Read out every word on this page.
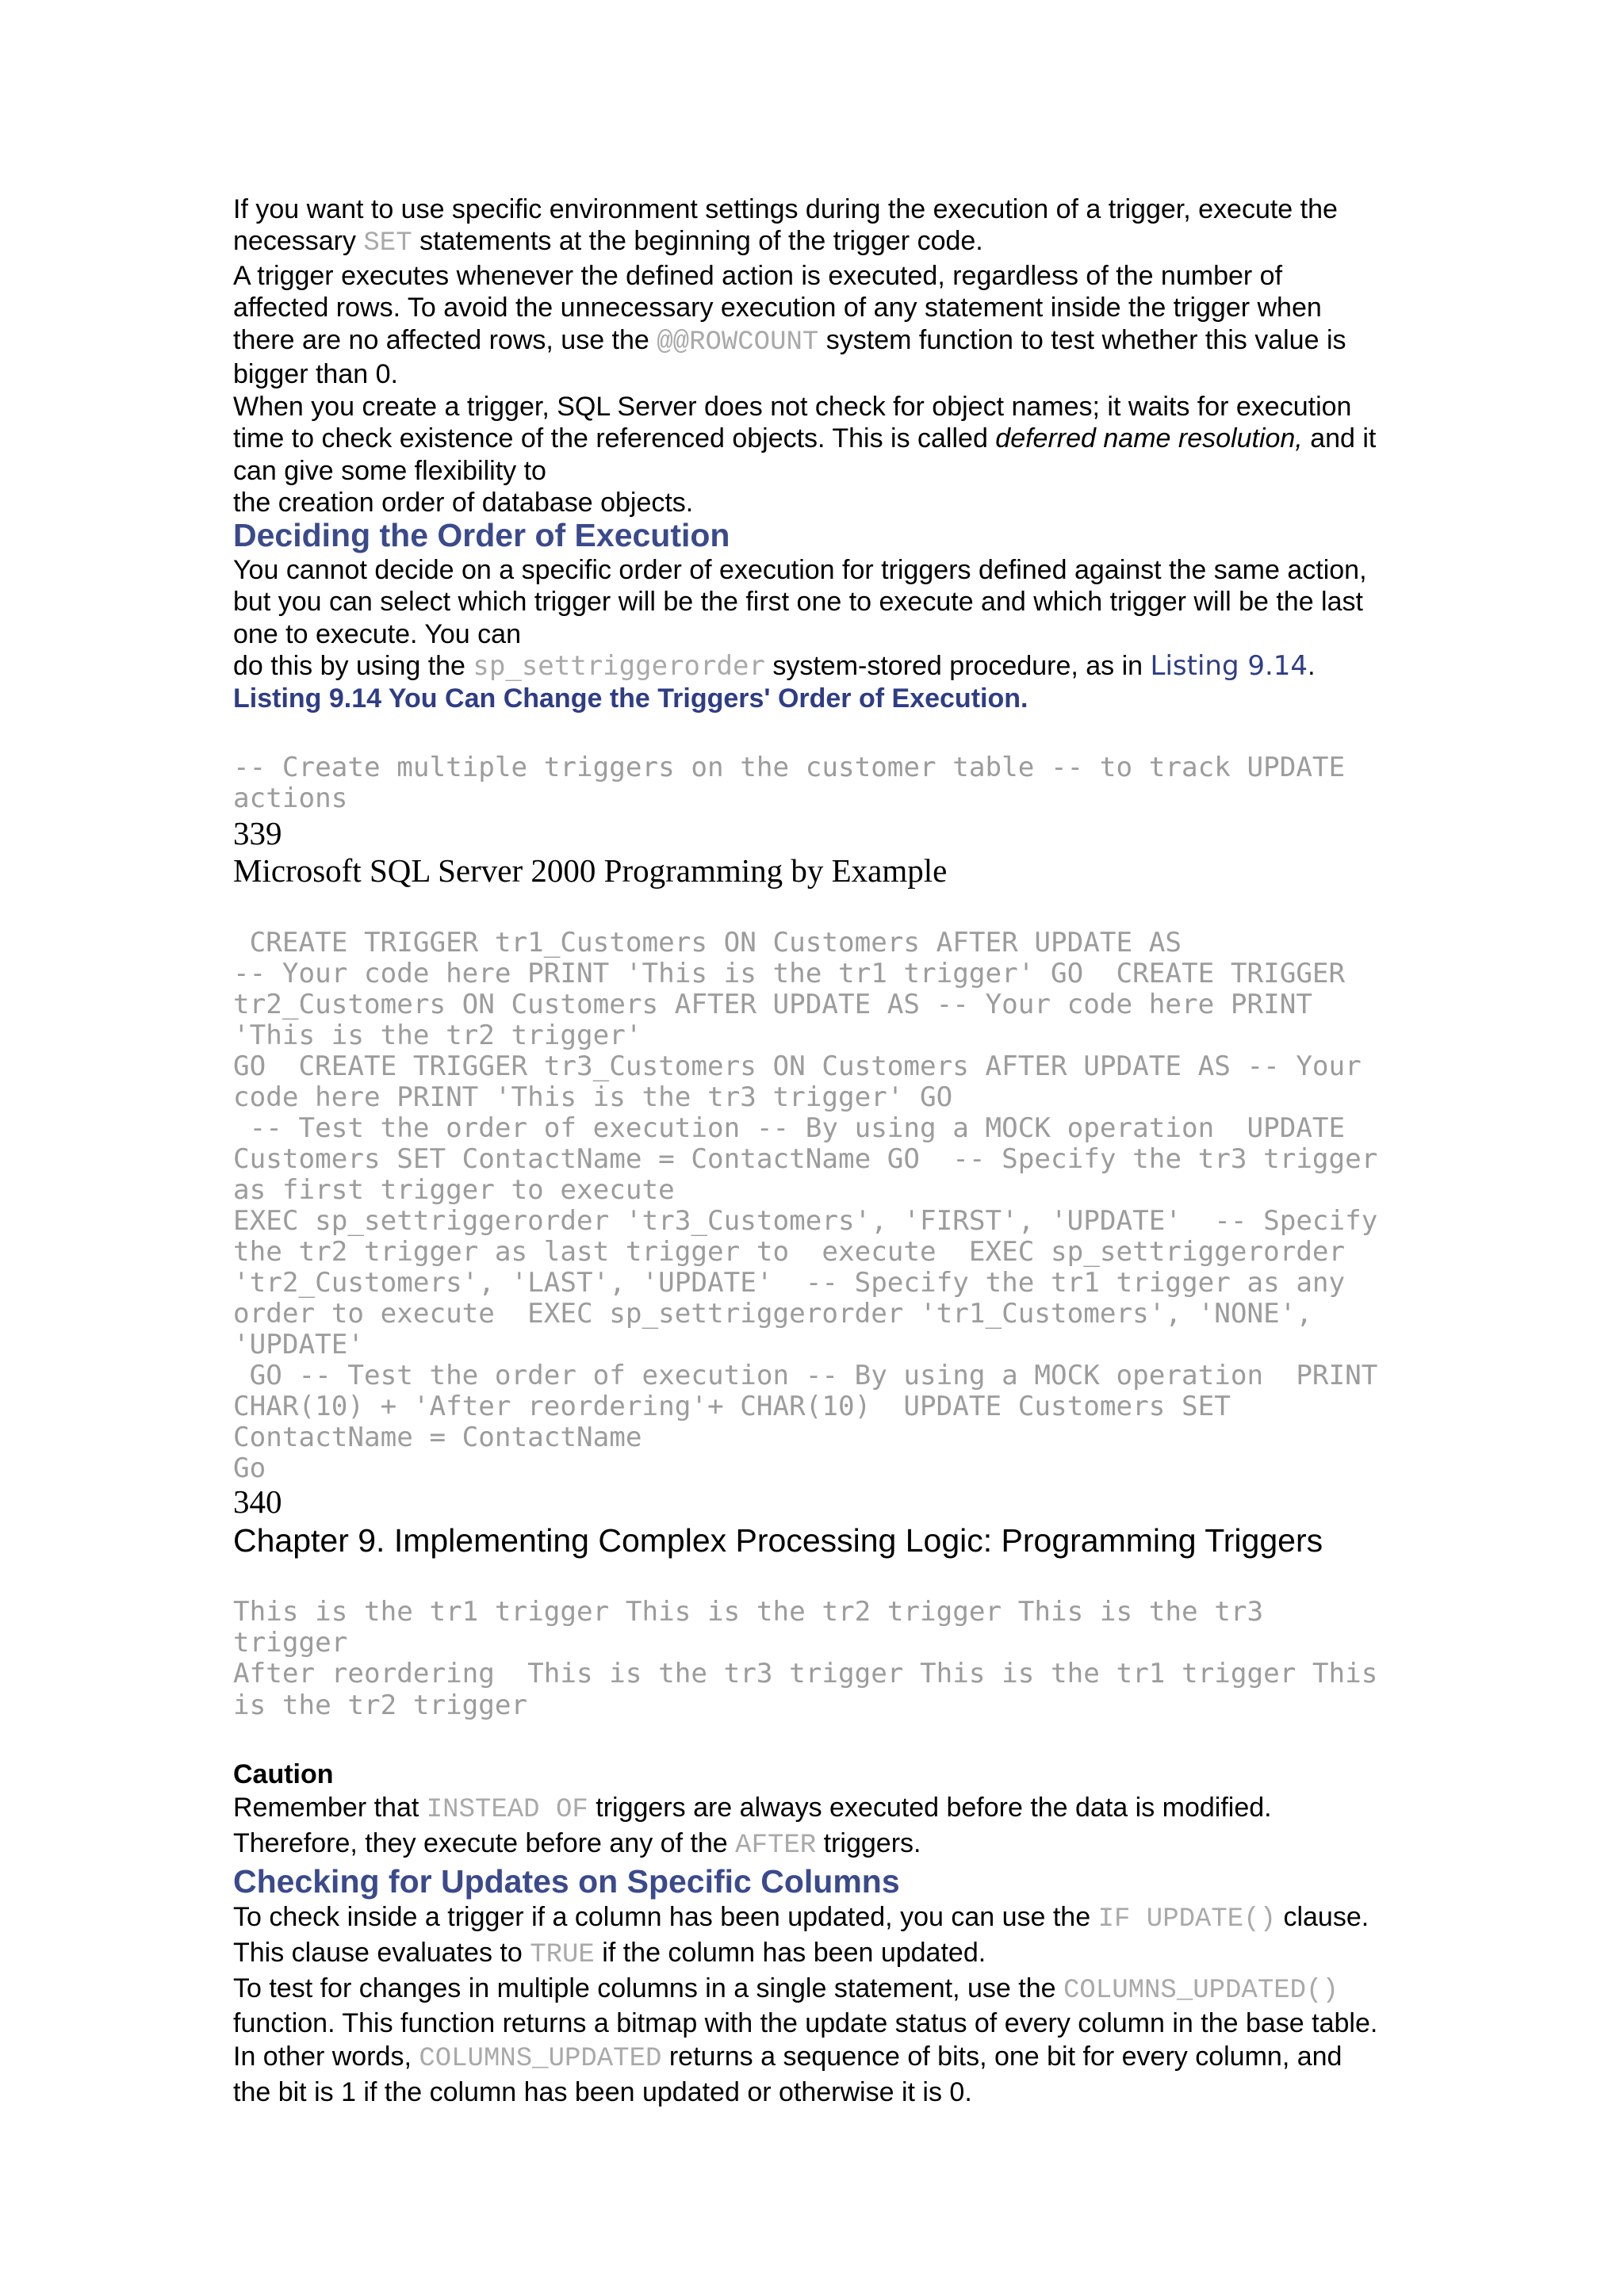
If you want to use specific environment settings during the execution of a trigger, execute the
necessary SET statements at the beginning of the trigger code.
A trigger executes whenever the defined action is executed, regardless of the number of
affected rows. To avoid the unnecessary execution of any statement inside the trigger when
there are no affected rows, use the @@ROWCOUNT system function to test whether this value is
bigger than 0.
When you create a trigger, SQL Server does not check for object names; it waits for execution
time to check existence of the referenced objects. This is called deferred name resolution, and it
can give some flexibility to
the creation order of database objects.
Deciding the Order of Execution
You cannot decide on a specific order of execution for triggers defined against the same action,
but you can select which trigger will be the first one to execute and which trigger will be the last
one to execute. You can
do this by using the sp_settriggerorder system-stored procedure, as in Listing 9.14.
Listing 9.14 You Can Change the Triggers' Order of Execution.
-- Create multiple triggers on the customer table -- to track UPDATE
actions
339
Microsoft SQL Server 2000 Programming by Example
CREATE TRIGGER tr1_Customers ON Customers AFTER UPDATE AS
-- Your code here PRINT 'This is the tr1 trigger' GO  CREATE TRIGGER
tr2_Customers ON Customers AFTER UPDATE AS -- Your code here PRINT
'This is the tr2 trigger'
GO  CREATE TRIGGER tr3_Customers ON Customers AFTER UPDATE AS -- Your
code here PRINT 'This is the tr3 trigger' GO
-- Test the order of execution -- By using a MOCK operation  UPDATE
Customers SET ContactName = ContactName GO  -- Specify the tr3 trigger
as first trigger to execute
EXEC sp_settriggerorder 'tr3_Customers', 'FIRST', 'UPDATE'  -- Specify
the tr2 trigger as last trigger to  execute  EXEC sp_settriggerorder
'tr2_Customers', 'LAST', 'UPDATE'  -- Specify the tr1 trigger as any
order to execute  EXEC sp_settriggerorder 'tr1_Customers', 'NONE',
'UPDATE'
GO -- Test the order of execution -- By using a MOCK operation  PRINT
CHAR(10) + 'After reordering'+ CHAR(10)  UPDATE Customers SET
ContactName = ContactName
Go
340
Chapter 9. Implementing Complex Processing Logic: Programming Triggers
This is the tr1 trigger This is the tr2 trigger This is the tr3
trigger
After reordering  This is the tr3 trigger This is the tr1 trigger This
is the tr2 trigger
Caution
Remember that INSTEAD OF triggers are always executed before the data is modified.
Therefore, they execute before any of the AFTER triggers.
Checking for Updates on Specific Columns
To check inside a trigger if a column has been updated, you can use the IF UPDATE() clause.
This clause evaluates to TRUE if the column has been updated.
To test for changes in multiple columns in a single statement, use the COLUMNS_UPDATED()
function. This function returns a bitmap with the update status of every column in the base table.
In other words, COLUMNS_UPDATED returns a sequence of bits, one bit for every column, and
the bit is 1 if the column has been updated or otherwise it is 0.
